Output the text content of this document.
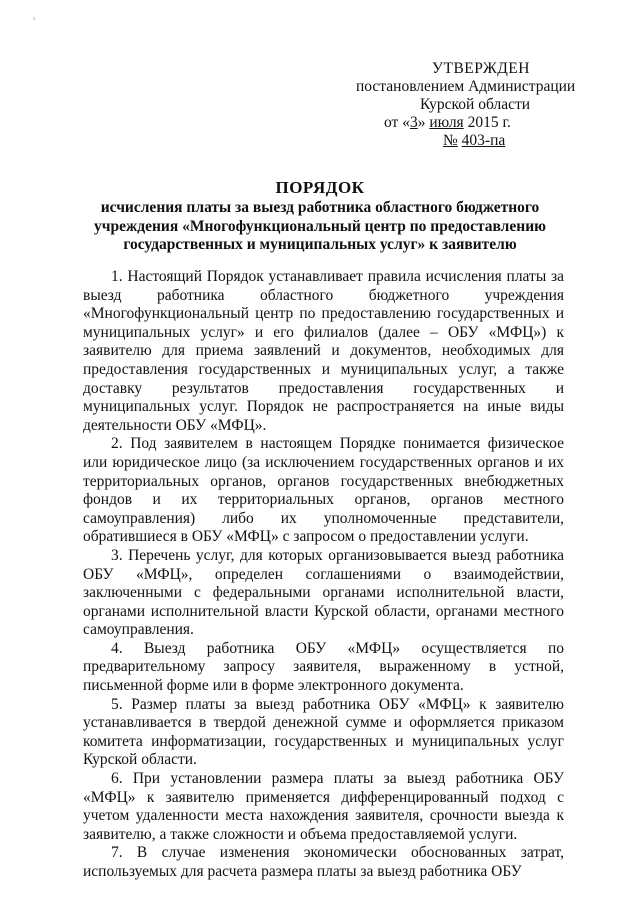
'
УТВЕРЖДЕН
постановлением Администрации
Курской области
от «3» июля 2015 г.
№ 403-па
ПОРЯДОК
исчисления платы за выезд работника областного бюджетного учреждения «Многофункциональный центр по предоставлению государственных и муниципальных услуг» к заявителю

1. Настоящий Порядок устанавливает правила исчисления платы за выезд работника областного бюджетного учреждения «Многофункциональный центр по предоставлению государственных и муниципальных услуг» и его филиалов (далее – ОБУ «МФЦ») к заявителю для приема заявлений и документов, необходимых для предоставления государственных и муниципальных услуг, а также доставку результатов предоставления государственных и муниципальных услуг. Порядок не распространяется на иные виды деятельности ОБУ «МФЦ».

2. Под заявителем в настоящем Порядке понимается физическое или юридическое лицо (за исключением государственных органов и их территориальных органов, органов государственных внебюджетных фондов и их территориальных органов, органов местного самоуправления) либо их уполномоченные представители, обратившиеся в ОБУ «МФЦ» с запросом о предоставлении услуги.

3. Перечень услуг, для которых организовывается выезд работника ОБУ «МФЦ», определен соглашениями о взаимодействии, заключенными с федеральными органами исполнительной власти, органами исполнительной власти Курской области, органами местного самоуправления.

4. Выезд работника ОБУ «МФЦ» осуществляется по предварительному запросу заявителя, выраженному в устной, письменной форме или в форме электронного документа.

5. Размер платы за выезд работника ОБУ «МФЦ» к заявителю устанавливается в твердой денежной сумме и оформляется приказом комитета информатизации, государственных и муниципальных услуг Курской области.

6. При установлении размера платы за выезд работника ОБУ «МФЦ» к заявителю применяется дифференцированный подход с учетом удаленности места нахождения заявителя, срочности выезда к заявителю, а также сложности и объема предоставляемой услуги.

7. В случае изменения экономически обоснованных затрат, используемых для расчета размера платы за выезд работника ОБУ
